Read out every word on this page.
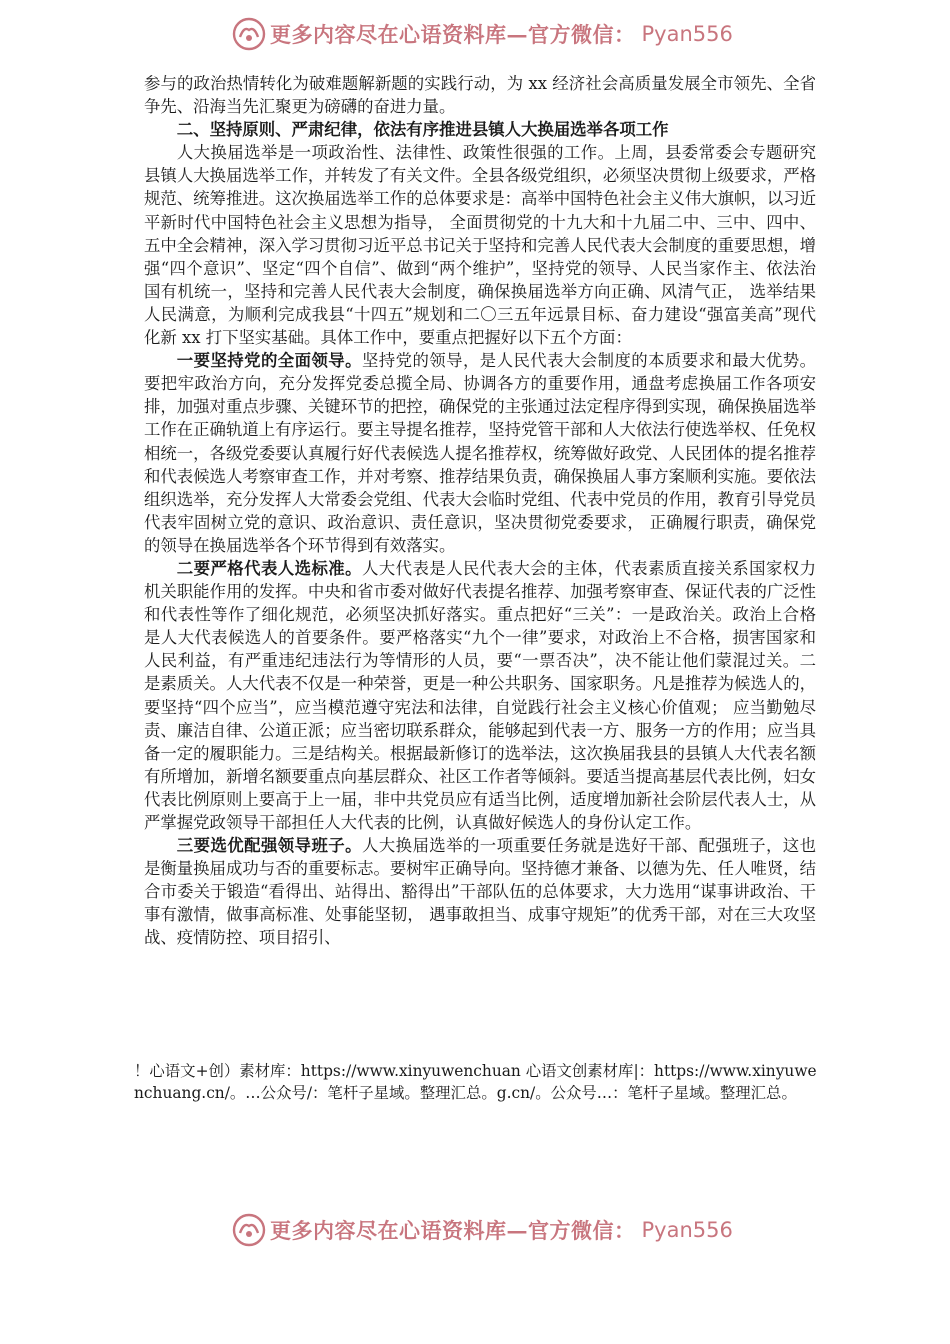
更多内容尽在心语资料库—官方微信： Pyan556

参与的政治热情转化为破难题解新题的实践行动，为 xx 经济社会高质量发展全市领先、全省争先、沿海当先汇聚更为磅礴的奋进力量。

二、坚持原则、严肃纪律，依法有序推进县镇人大换届选举各项工作

人大换届选举是一项政治性、法律性、政策性很强的工作。上周，县委常委会专题研究县镇人大换届选举工作，并转发了有关文件。全县各级党组织，必须坚决贯彻上级要求，严格规范、统筹推进。这次换届选举工作的总体要求是：高举中国特色社会主义伟大旗帜，以习近平新时代中国特色社会主义思想为指导， 全面贯彻党的十九大和十九届二中、三中、四中、五中全会精神，深入学习贯彻习近平总书记关于坚持和完善人民代表大会制度的重要思想，增强“四个意识”、坚定“四个自信”、做到“两个维护”，坚持党的领导、人民当家作主、依法治国有机统一，坚持和完善人民代表大会制度，确保换届选举方向正确、风清气正， 选举结果人民满意，为顺利完成我县“十四五”规划和二〇三五年远景目标、奋力建设“强富美高”现代化新 xx 打下坚实基础。具体工作中，要重点把握好以下五个方面：

一要坚持党的全面领导。坚持党的领导，是人民代表大会制度的本质要求和最大优势。要把牢政治方向，充分发挥党委总揽全局、协调各方的重要作用，通盘考虑换届工作各项安排，加强对重点步骤、关键环节的把控，确保党的主张通过法定程序得到实现，确保换届选举工作在正确轨道上有序运行。要主导提名推荐，坚持党管干部和人大依法行使选举权、任免权相统一，各级党委要认真履行好代表候选人提名推荐权，统筹做好政党、人民团体的提名推荐和代表候选人考察审查工作，并对考察、推荐结果负责，确保换届人事方案顺利实施。要依法组织选举，充分发挥人大常委会党组、代表大会临时党组、代表中党员的作用，教育引导党员代表牢固树立党的意识、政治意识、责任意识，坚决贯彻党委要求， 正确履行职责，确保党的领导在换届选举各个环节得到有效落实。

二要严格代表人选标准。人大代表是人民代表大会的主体，代表素质直接关系国家权力机关职能作用的发挥。中央和省市委对做好代表提名推荐、加强考察审查、保证代表的广泛性和代表性等作了细化规范，必须坚决抓好落实。重点把好“三关”：一是政治关。政治上合格是人大代表候选人的首要条件。要严格落实“九个一律”要求，对政治上不合格，损害国家和人民利益，有严重违纪违法行为等情形的人员，要“一票否决”，决不能让他们蒙混过关。二是素质关。人大代表不仅是一种荣誉，更是一种公共职务、国家职务。凡是推荐为候选人的， 要坚持“四个应当”，应当模范遵守宪法和法律，自觉践行社会主义核心价值观； 应当勤勉尽责、廉洁自律、公道正派；应当密切联系群众，能够起到代表一方、服务一方的作用；应当具备一定的履职能力。三是结构关。根据最新修订的选举法，这次换届我县的县镇人大代表名额有所增加，新增名额要重点向基层群众、社区工作者等倾斜。要适当提高基层代表比例，妇女代表比例原则上要高于上一届，非中共党员应有适当比例，适度增加新社会阶层代表人士，从严掌握党政领导干部担任人大代表的比例，认真做好候选人的身份认定工作。

三要选优配强领导班子。人大换届选举的一项重要任务就是选好干部、配强班子，这也是衡量换届成功与否的重要标志。要树牢正确导向。坚持德才兼备、以德为先、任人唯贤，结合市委关于锻造“看得出、站得出、豁得出”干部队伍的总体要求，大力选用“谋事讲政治、干事有激情，做事高标准、处事能坚韧， 遇事敢担当、成事守规矩”的优秀干部，对在三大攻坚战、疫情防控、项目招引、

！心语文+创）素材库：https://www.xinyuwenchuan 心语文创素材库|：https://www.xinyuwenchuang.cn/。…公众号/：笔杆子星域。整理汇总。g.cn/。公众号…：笔杆子星域。整理汇总。
更多内容尽在心语资料库—官方微信： Pyan556
